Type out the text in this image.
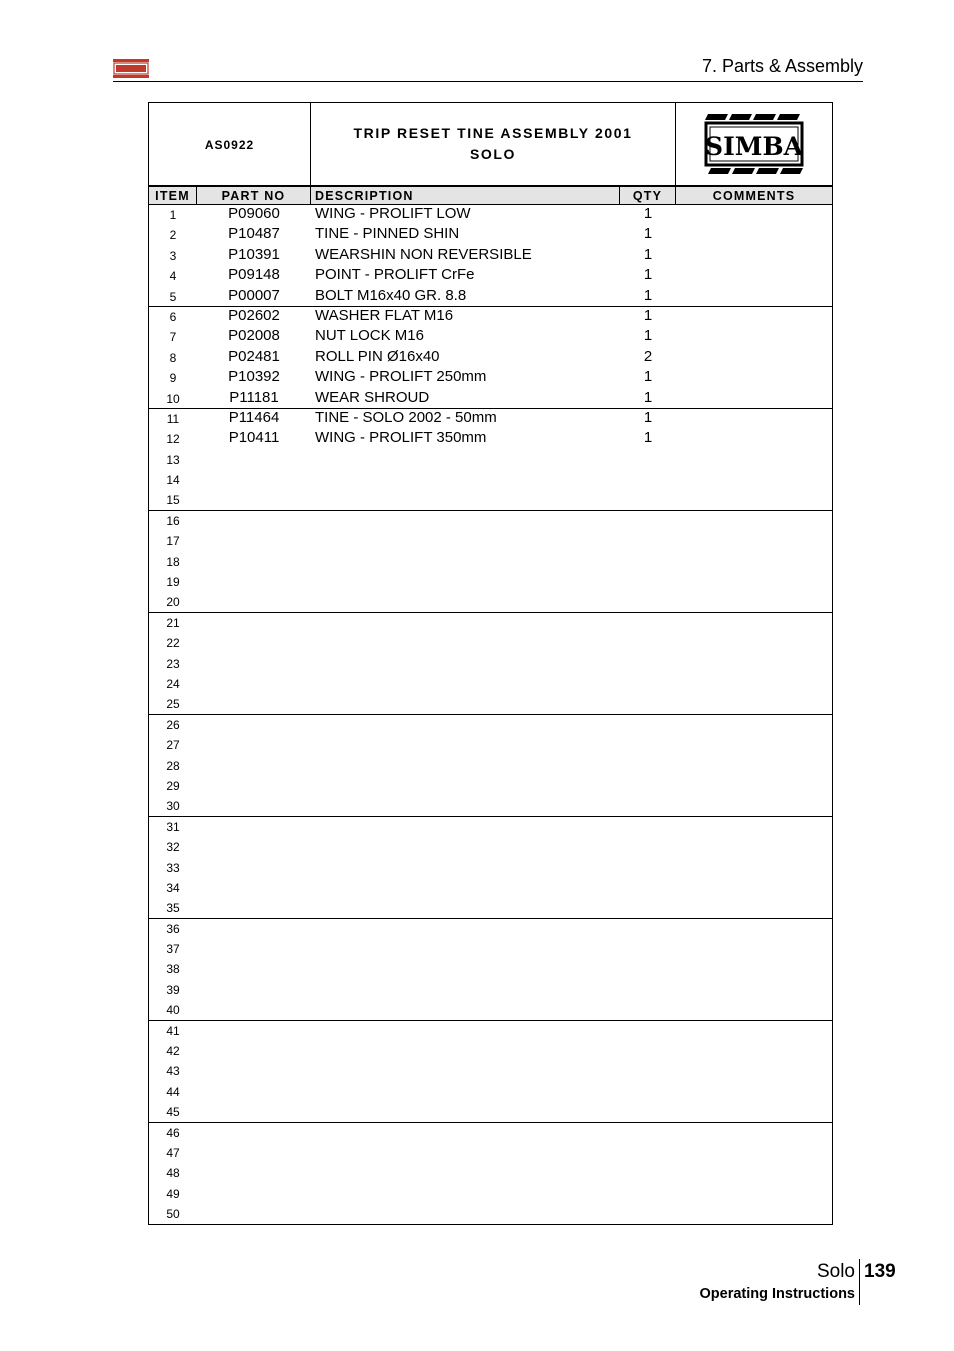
7. Parts & Assembly
AS0922
TRIP RESET TINE ASSEMBLY 2001
SOLO	SIMBA
ITEM	PART NO	DESCRIPTION	QTY	COMMENTS
1	P09060	WING - PROLIFT LOW	1
2	P10487	TINE - PINNED SHIN	1
3	P10391	WEARSHIN NON REVERSIBLE	1
4	P09148	POINT - PROLIFT CrFe	1
5	P00007	BOLT M16x40 GR. 8.8	1
6	P02602	WASHER FLAT M16	1
7	P02008	NUT LOCK M16	1
8	P02481	ROLL PIN Ø16x40	2
9	P10392	WING - PROLIFT 250mm	1
10	P11181	WEAR SHROUD	1
11	P11464	TINE - SOLO 2002 - 50mm	1
12	P10411	WING - PROLIFT 350mm	1
13
14
15
16
17
18
19
20
21
22
23
24
25
26
27
28
29
30
31
32
33
34
35
36
37
38
39
40
41
42
43
44
45
46
47
48
49
50
Solo 139
Operating Instructions
